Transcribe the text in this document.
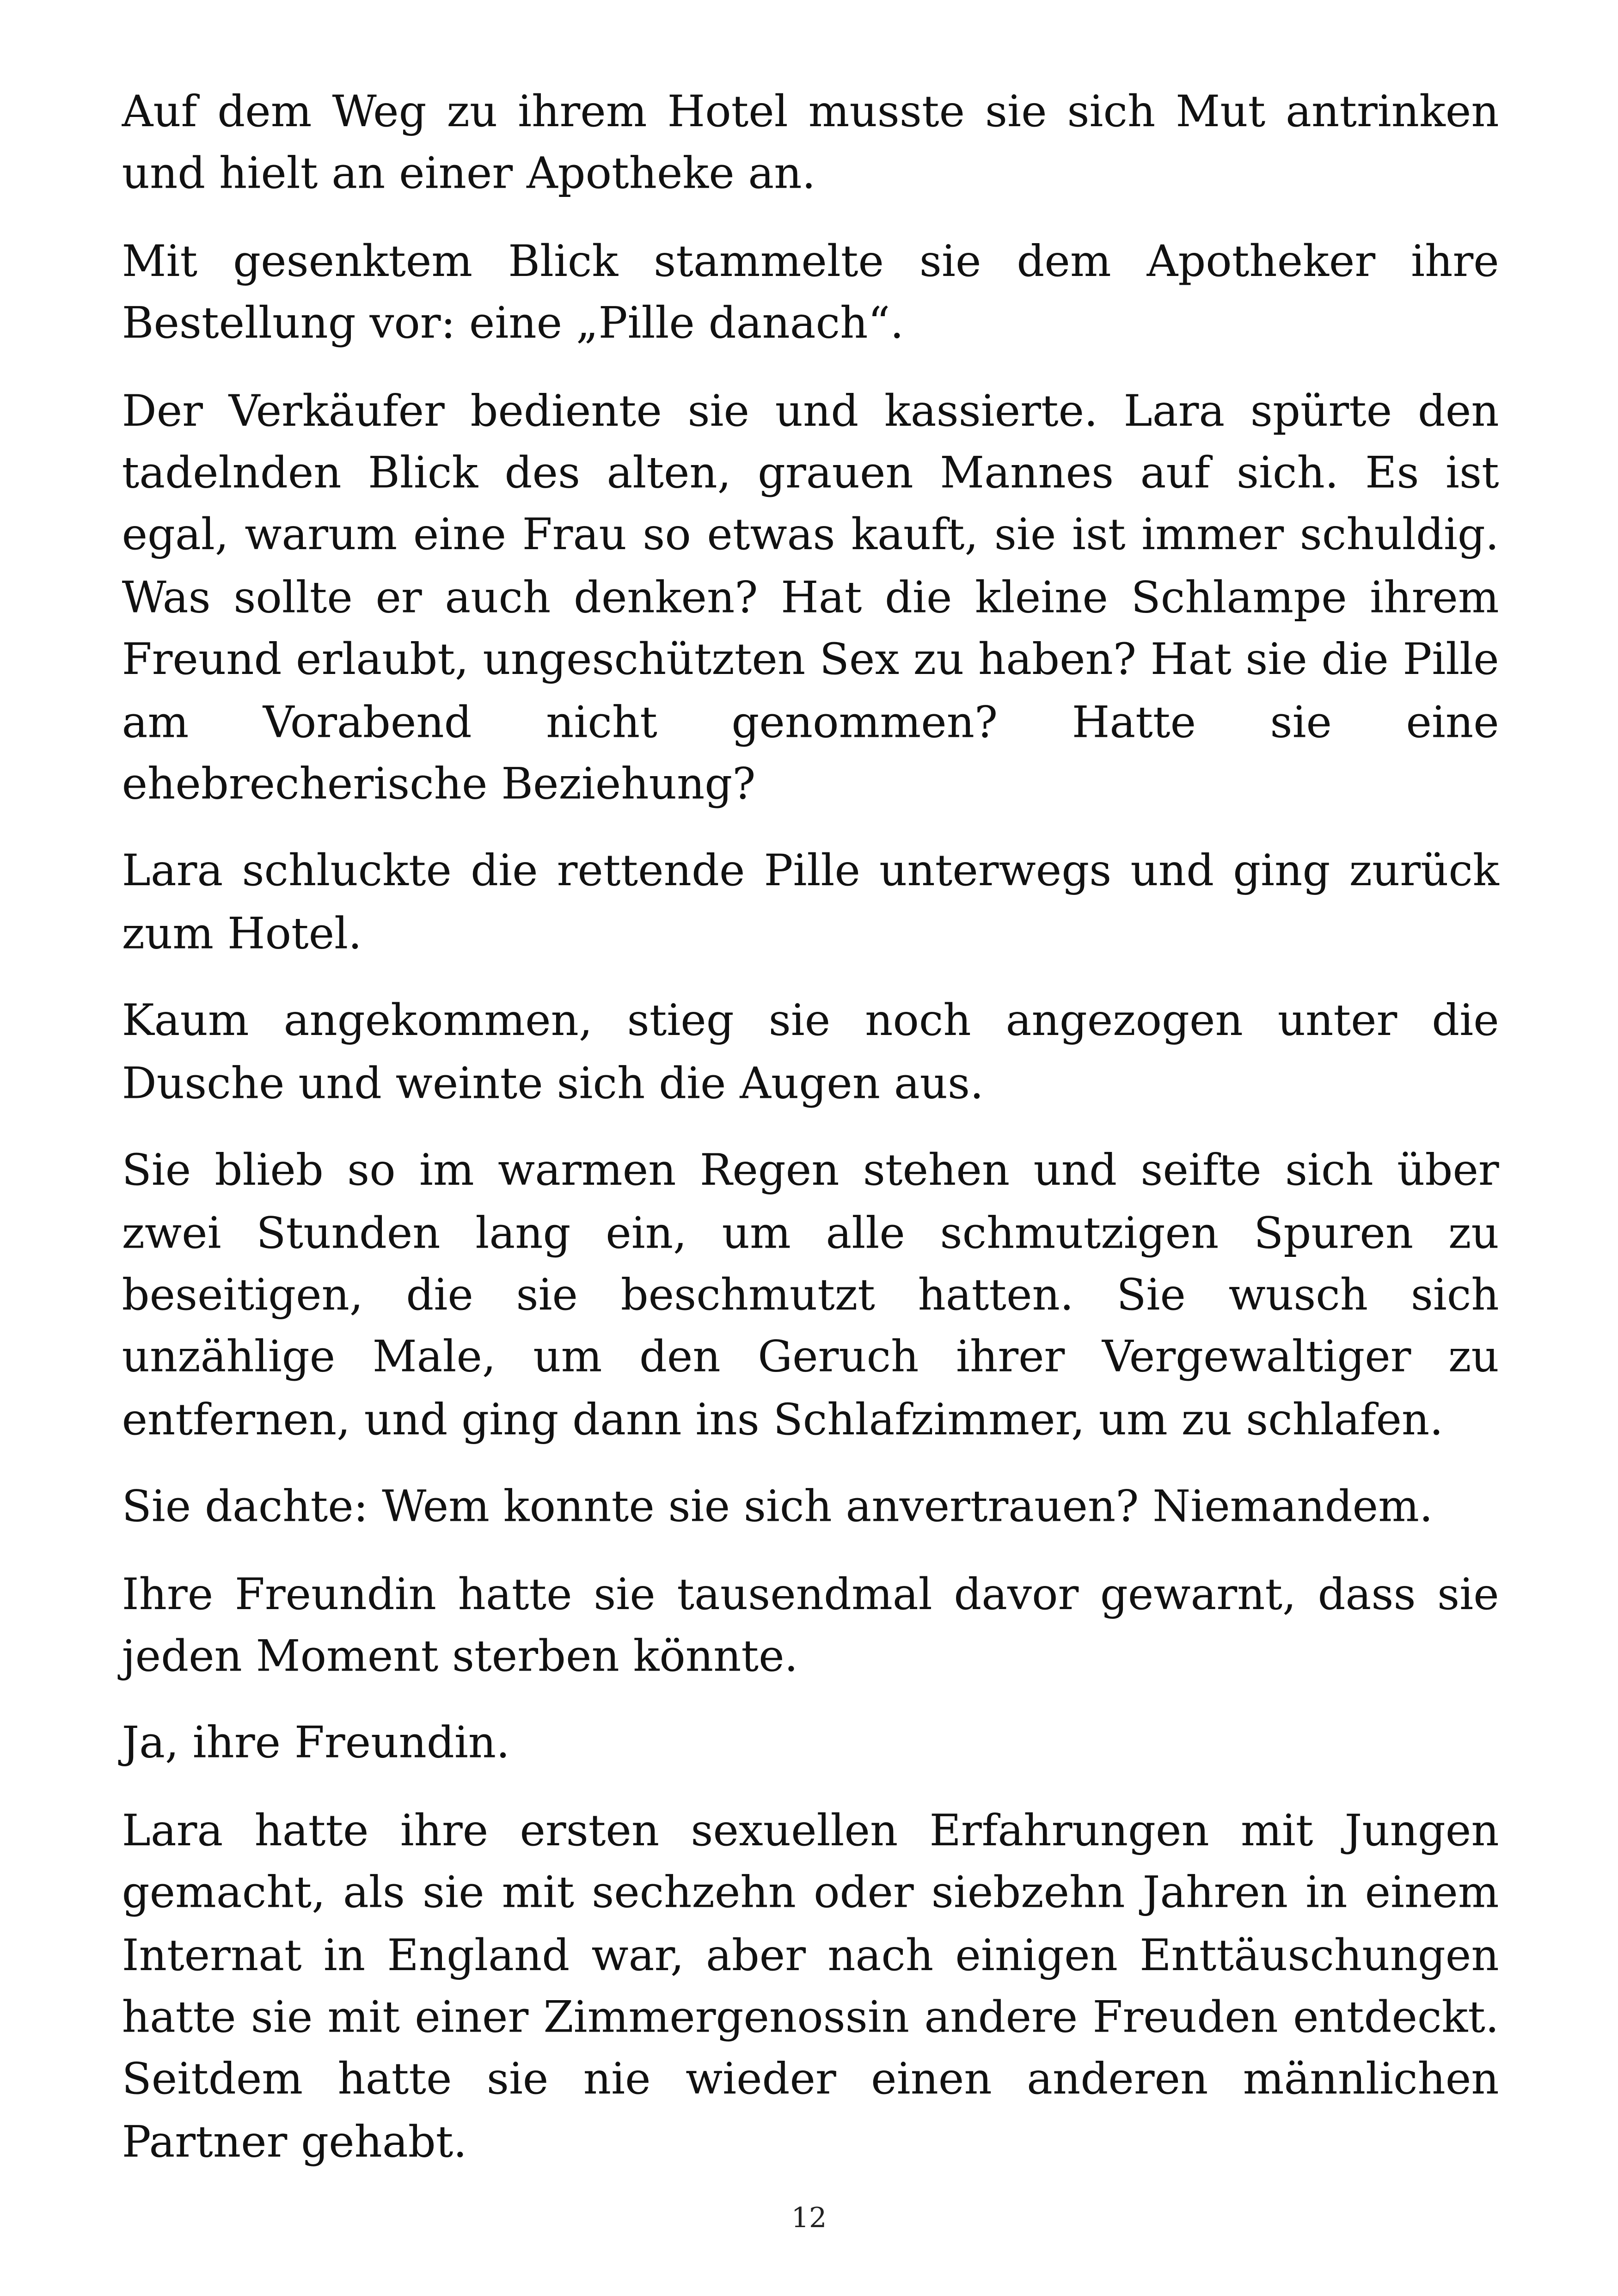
Auf dem Weg zu ihrem Hotel musste sie sich Mut antrinken und hielt an einer Apotheke an.

Mit gesenktem Blick stammelte sie dem Apotheker ihre Bestellung vor: eine „Pille danach“.

Der Verkäufer bediente sie und kassierte. Lara spürte den tadelnden Blick des alten, grauen Mannes auf sich. Es ist egal, warum eine Frau so etwas kauft, sie ist immer schuldig. Was sollte er auch denken? Hat die kleine Schlampe ihrem Freund erlaubt, ungeschützten Sex zu haben? Hat sie die Pille am Vorabend nicht genommen? Hatte sie eine ehebrecherische Beziehung?

Lara schluckte die rettende Pille unterwegs und ging zurück zum Hotel.

Kaum angekommen, stieg sie noch angezogen unter die Dusche und weinte sich die Augen aus.

Sie blieb so im warmen Regen stehen und seifte sich über zwei Stunden lang ein, um alle schmutzigen Spuren zu beseitigen, die sie beschmutzt hatten. Sie wusch sich unzählige Male, um den Geruch ihrer Vergewaltiger zu entfernen, und ging dann ins Schlafzimmer, um zu schlafen.

Sie dachte: Wem konnte sie sich anvertrauen? Niemandem.

Ihre Freundin hatte sie tausendmal davor gewarnt, dass sie jeden Moment sterben könnte.

Ja, ihre Freundin.

Lara hatte ihre ersten sexuellen Erfahrungen mit Jungen gemacht, als sie mit sechzehn oder siebzehn Jahren in einem Internat in England war, aber nach einigen Enttäuschungen hatte sie mit einer Zimmergenossin andere Freuden entdeckt. Seitdem hatte sie nie wieder einen anderen männlichen Partner gehabt.

12
